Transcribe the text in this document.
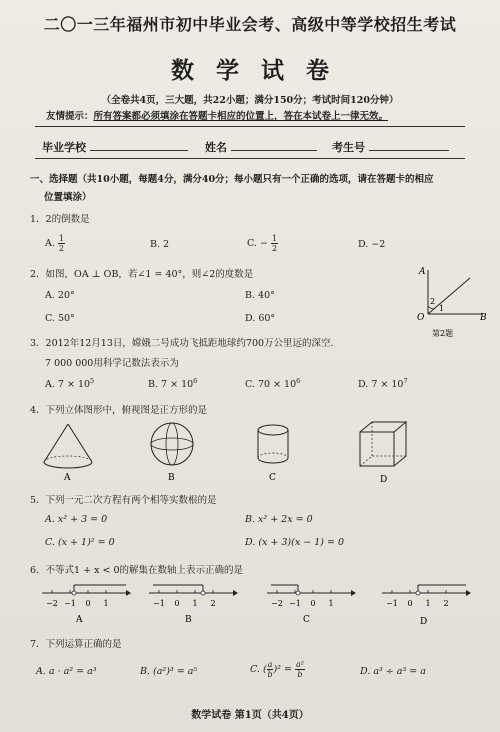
二〇一三年福州市初中毕业会考、高级中等学校招生考试
数学试卷
（全卷共4页，三大题，共22小题；满分150分；考试时间120分钟）
友情提示：所有答案都必须填涂在答题卡相应的位置上，答在本试卷上一律无效。
毕业学校	姓名	考生号
一、选择题（共10小题，每题4分，满分40分；每小题只有一个正确的选项，请在答题卡的相应
位置填涂）
1．2的倒数是
A. $\frac{1}{2}$	B. 2	C. − $\frac{1}{2}$	D. −2
2．如图，OA ⊥ OB，若∠1 = 40°，则∠2的度数是
A. 20°	B. 40°
C. 50°	D. 60°
A
O	B
2
1
第2题
3．2012年12月13日，嫦娥二号成功飞抵距地球约700万公里远的深空．
7 000 000用科学记数法表示为
A. $7 \times 10^5$	B. $7 \times 10^6$	C. $70 \times 10^6$	D. $7 \times 10^7$
4．下列立体图形中，俯视图是正方形的是
A	B	C	D
5．下列一元二次方程有两个相等实数根的是
A. x² + 3 = 0	B. x² + 2x = 0
C. (x + 1)² = 0	D. (x + 3)(x − 1) = 0
6．不等式1 + x < 0的解集在数轴上表示正确的是
A
−2 −1 0 1
B
−1 0 1 2
C
−2 −1 0 1
D
−1 0 1 2
7．下列运算正确的是
A. a · a² = a³	B. (a²)³ = a⁵	C. ( $\frac{a}{b} )^2 = \frac{\text{a²}}{b}$	D. a³ ÷ a³ = a
数学试卷 第1页（共4页）
